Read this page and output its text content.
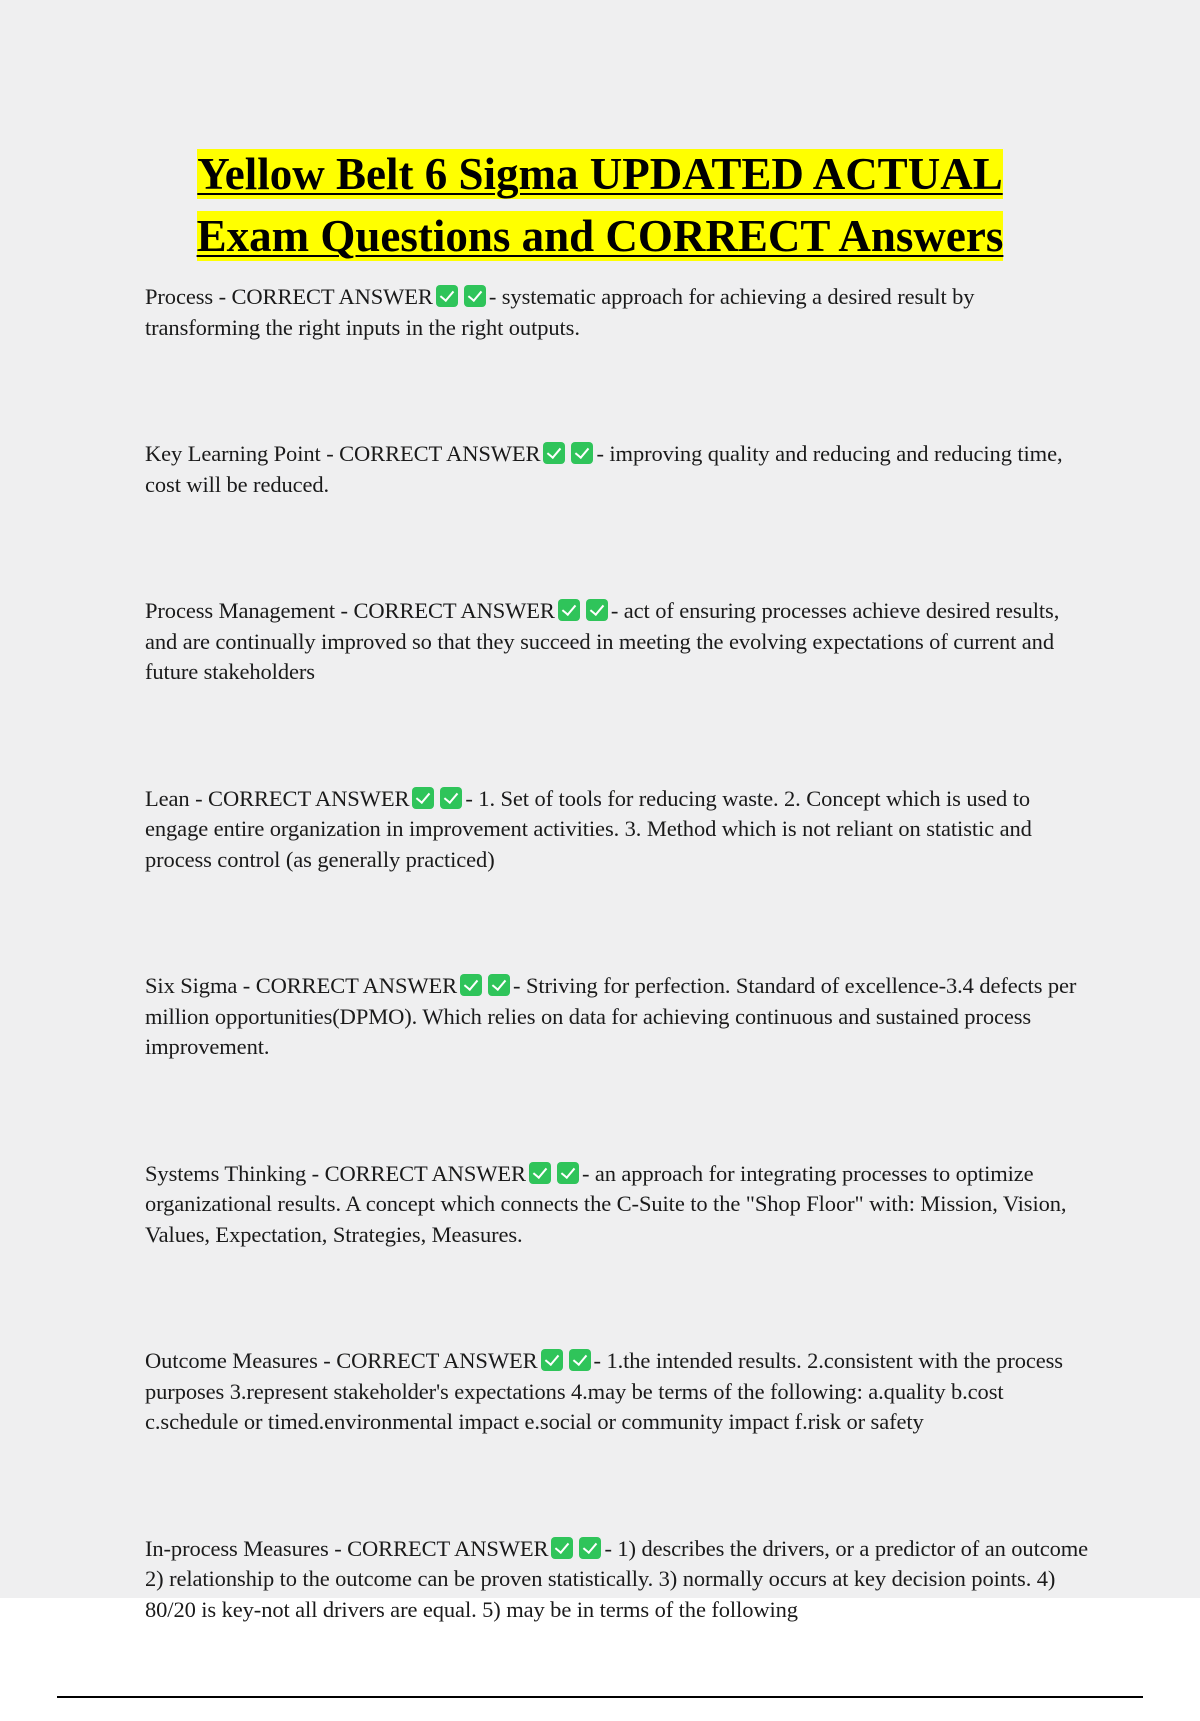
Yellow Belt 6 Sigma UPDATED ACTUAL
Exam Questions and CORRECT Answers

Process - CORRECT ANSWER - systematic approach for achieving a desired result by transforming the right inputs in the right outputs.

Key Learning Point - CORRECT ANSWER - improving quality and reducing and reducing time, cost will be reduced.

Process Management - CORRECT ANSWER - act of ensuring processes achieve desired results, and are continually improved so that they succeed in meeting the evolving expectations of current and future stakeholders

Lean - CORRECT ANSWER - 1. Set of tools for reducing waste. 2. Concept which is used to engage entire organization in improvement activities. 3. Method which is not reliant on statistic and process control (as generally practiced)

Six Sigma - CORRECT ANSWER - Striving for perfection. Standard of excellence-3.4 defects per million opportunities(DPMO). Which relies on data for achieving continuous and sustained process improvement.

Systems Thinking - CORRECT ANSWER - an approach for integrating processes to optimize organizational results. A concept which connects the C-Suite to the "Shop Floor" with: Mission, Vision, Values, Expectation, Strategies, Measures.

Outcome Measures - CORRECT ANSWER - 1.the intended results. 2.consistent with the process purposes 3.represent stakeholder's expectations 4.may be terms of the following: a.quality b.cost c.schedule or timed.environmental impact e.social or community impact f.risk or safety

In-process Measures - CORRECT ANSWER - 1) describes the drivers, or a predictor of an outcome 2) relationship to the outcome can be proven statistically. 3) normally occurs at key decision points. 4) 80/20 is key-not all drivers are equal. 5) may be in terms of the following
